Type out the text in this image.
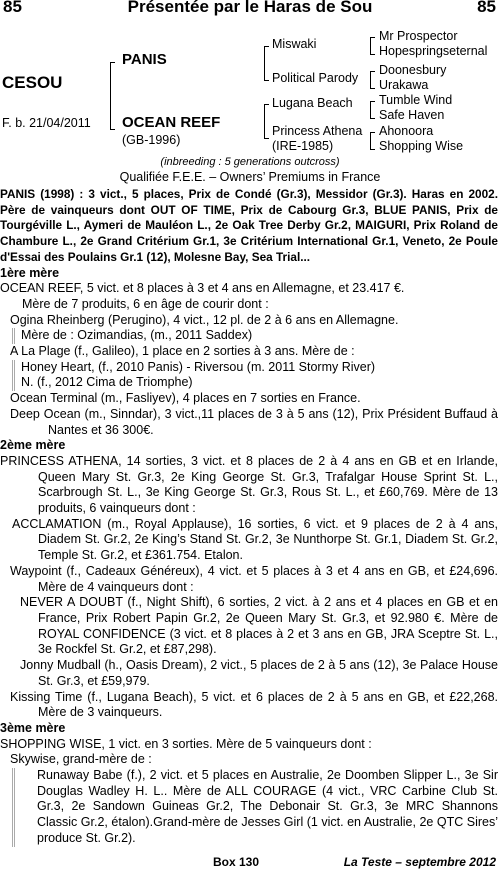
85	Présentée par le Haras de Sou	85
CESOU
F. b. 21/04/2011
PANIS
OCEAN REEF
(GB-1996)
Miswaki
Political Parody
Lugana Beach
Princess Athena
(IRE-1985)
Mr Prospector
Hopespringseternal
Doonesbury
Urakawa
Tumble Wind
Safe Haven
Ahonoora
Shopping Wise
(inbreeding : 5 generations outcross)
Qualifiée F.E.E. – Owners’ Premiums in France

PANIS (1998) : 3 vict., 5 places, Prix de Condé (Gr.3), Messidor (Gr.3). Haras en 2002. Père de vainqueurs dont OUT OF TIME, Prix de Cabourg Gr.3, BLUE PANIS, Prix de Tourgéville L., Aymeri de Mauléon L., 2e Oak Tree Derby Gr.2, MAIGURI, Prix Roland de Chambure L., 2e Grand Critérium Gr.1, 3e Critérium International Gr.1, Veneto, 2e Poule d'Essai des Poulains Gr.1 (12), Molesne Bay, Sea Trial...

1ère mère

OCEAN REEF, 5 vict. et 8 places à 3 et 4 ans en Allemagne, et 23.417 €.

Mère de 7 produits, 6 en âge de courir dont :

Ogina Rheinberg (Perugino), 4 vict., 12 pl. de 2 à 6 ans en Allemagne.

Mère de : Ozimandias, (m., 2011 Saddex)

A La Plage (f., Galileo), 1 place en 2 sorties à 3 ans. Mère de :

Honey Heart, (f., 2010 Panis) - Riversou (m. 2011 Stormy River)

N. (f., 2012 Cima de Triomphe)

Ocean Terminal (m., Fasliyev), 4 places en 7 sorties en France.

Deep Ocean (m., Sinndar), 3 vict.,11 places de 3 à 5 ans (12), Prix Président Buffaud à Nantes et 36 300€.

2ème mère

PRINCESS ATHENA, 14 sorties, 3 vict. et 8 places de 2 à 4 ans en GB et en Irlande, Queen Mary St. Gr.3, 2e King George St. Gr.3, Trafalgar House Sprint St. L., Scarbrough St. L., 3e King George St. Gr.3, Rous St. L., et £60,769. Mère de 13 produits, 6 vainqueurs dont :

ACCLAMATION (m., Royal Applause), 16 sorties, 6 vict. et 9 places de 2 à 4 ans, Diadem St. Gr.2, 2e King’s Stand St. Gr.2, 3e Nunthorpe St. Gr.1, Diadem St. Gr.2, Temple St. Gr.2, et £361.754. Etalon.

Waypoint (f., Cadeaux Généreux), 4 vict. et 5 places à 3 et 4 ans en GB, et £24,696. Mère de 4 vainqueurs dont :

NEVER A DOUBT (f., Night Shift), 6 sorties, 2 vict. à 2 ans et 4 places en GB et en France, Prix Robert Papin Gr.2, 2e Queen Mary St. Gr.3, et 92.980 €. Mère de ROYAL CONFIDENCE (3 vict. et 8 places à 2 et 3 ans en GB, JRA Sceptre St. L., 3e Rockfel St. Gr.2, et £87,298).

Jonny Mudball (h., Oasis Dream), 2 vict., 5 places de 2 à 5 ans (12), 3e Palace House St. Gr.3, et £59,979.

Kissing Time (f., Lugana Beach), 5 vict. et 6 places de 2 à 5 ans en GB, et £22,268. Mère de 3 vainqueurs.

3ème mère

SHOPPING WISE, 1 vict. en 3 sorties. Mère de 5 vainqueurs dont :

Skywise, grand-mère de :

Runaway Babe (f.), 2 vict. et 5 places en Australie, 2e Doomben Slipper L., 3e Sir Douglas Wadley H. L.. Mère de ALL COURAGE (4 vict., VRC Carbine Club St. Gr.3, 2e Sandown Guineas Gr.2, The Debonair St. Gr.3, 3e MRC Shannons Classic Gr.2, étalon).Grand-mère de Jesses Girl (1 vict. en Australie, 2e QTC Sires’ produce St. Gr.2).

Box 130	La Teste – septembre 2012
